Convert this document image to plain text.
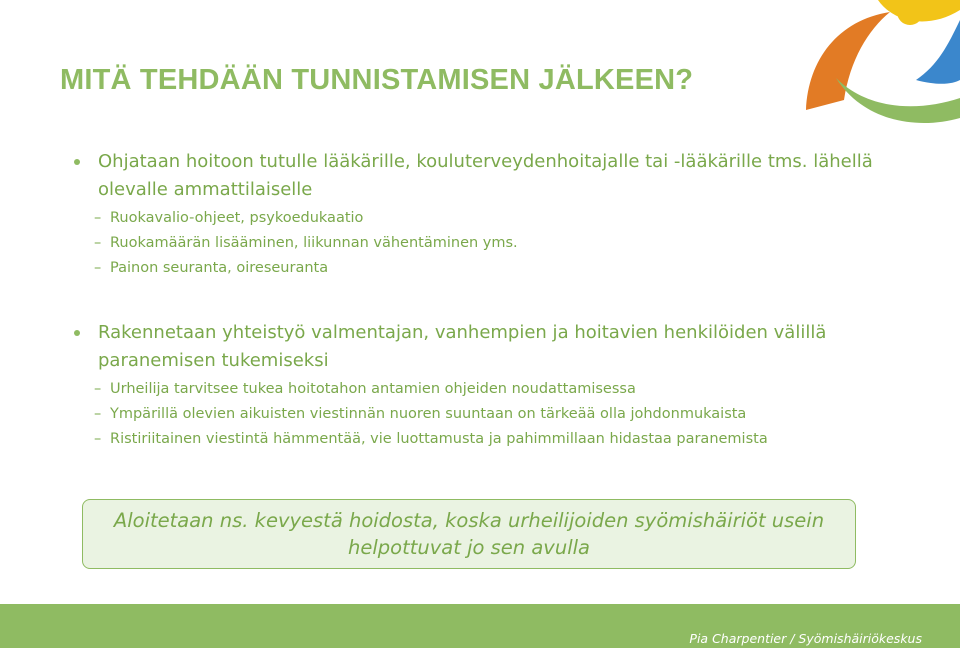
MITÄ TEHDÄÄN TUNNISTAMISEN JÄLKEEN?
Ohjataan hoitoon tutulle lääkärille, kouluterveydenhoitajalle tai -lääkärille tms. lähellä olevalle ammattilaiselle
– Ruokavalio-ohjeet, psykoedukaatio
– Ruokamäärän lisääminen, liikunnan vähentäminen yms.
– Painon seuranta, oireseuranta
Rakennetaan yhteistyö valmentajan, vanhempien ja hoitavien henkilöiden välillä paranemisen tukemiseksi
– Urheilija tarvitsee tukea hoitotahon antamien ohjeiden noudattamisessa
– Ympärillä olevien aikuisten viestinnän nuoren suuntaan on tärkeää olla johdonmukaista
– Ristiriitainen viestintä hämmentää, vie luottamusta ja pahimmillaan hidastaa paranemista
Aloitetaan ns. kevyestä hoidosta, koska urheilijoiden syömishäiriöt usein helpottuvat jo sen avulla
Pia Charpentier / Syömishäiriökeskus
